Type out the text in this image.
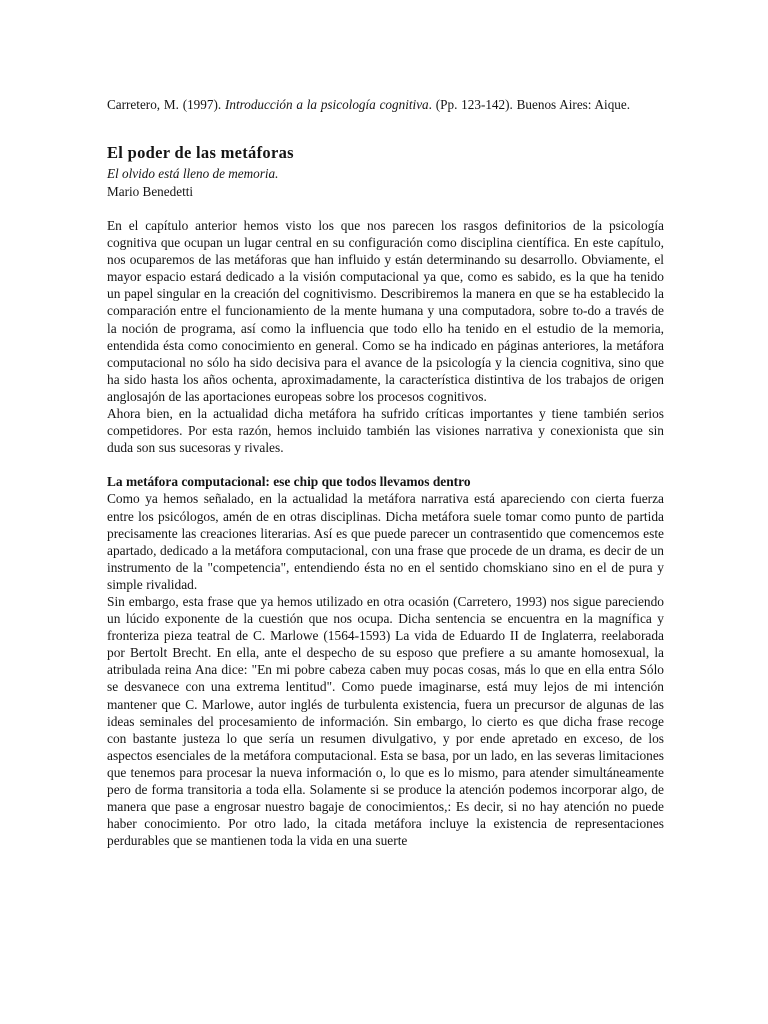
Carretero, M. (1997). Introducción a la psicología cognitiva. (Pp. 123-142). Buenos Aires: Aique.

El poder de las metáforas

El olvido está lleno de memoria.

Mario Benedetti

En el capítulo anterior hemos visto los que nos parecen los rasgos definitorios de la psicología cognitiva que ocupan un lugar central en su configuración como disciplina científica. En este capítulo, nos ocuparemos de las metáforas que han influido y están determinando su desarrollo. Obviamente, el mayor espacio estará dedicado a la visión computacional ya que, como es sabido, es la que ha tenido un papel singular en la creación del cognitivismo. Describiremos la manera en que se ha establecido la comparación entre el funcionamiento de la mente humana y una computadora, sobre to-do a través de la noción de programa, así como la influencia que todo ello ha tenido en el estudio de la memoria, entendida ésta como conocimiento en general. Como se ha indicado en páginas anteriores, la metáfora computacional no sólo ha sido decisiva para el avance de la psicología y la ciencia cognitiva, sino que ha sido hasta los años ochenta, aproximadamente, la característica distintiva de los trabajos de origen anglosajón de las aportaciones europeas sobre los procesos cognitivos.

Ahora bien, en la actualidad dicha metáfora ha sufrido críticas importantes y tiene también serios competidores. Por esta razón, hemos incluido también las visiones narrativa y conexionista que sin duda son sus sucesoras y rivales.

La metáfora computacional: ese chip que todos llevamos dentro

Como ya hemos señalado, en la actualidad la metáfora narrativa está apareciendo con cierta fuerza entre los psicólogos, amén de en otras disciplinas. Dicha metáfora suele tomar como punto de partida precisamente las creaciones literarias. Así es que puede parecer un contrasentido que comencemos este apartado, dedicado a la metáfora computacional, con una frase que procede de un drama, es decir de un instrumento de la "competencia", entendiendo ésta no en el sentido chomskiano sino en el de pura y simple rivalidad.

Sin embargo, esta frase que ya hemos utilizado en otra ocasión (Carretero, 1993) nos sigue pareciendo un lúcido exponente de la cuestión que nos ocupa. Dicha sentencia se encuentra en la magnífica y fronteriza pieza teatral de C. Marlowe (1564-1593) La vida de Eduardo II de Inglaterra, reelaborada por Bertolt Brecht. En ella, ante el despecho de su esposo que prefiere a su amante homosexual, la atribulada reina Ana dice: "En mi pobre cabeza caben muy pocas cosas, más lo que en ella entra Sólo se desvanece con una extrema lentitud". Como puede imaginarse, está muy lejos de mi intención mantener que C. Marlowe, autor inglés de turbulenta existencia, fuera un precursor de algunas de las ideas seminales del procesamiento de información. Sin embargo, lo cierto es que dicha frase recoge con bastante justeza lo que sería un resumen divulgativo, y por ende apretado en exceso, de los aspectos esenciales de la metáfora computacional. Esta se basa, por un lado, en las severas limitaciones que tenemos para procesar la nueva información o, lo que es lo mismo, para atender simultáneamente pero de forma transitoria a toda ella. Solamente si se produce la atención podemos incorporar algo, de manera que pase a engrosar nuestro bagaje de conocimientos,: Es decir, si no hay atención no puede haber conocimiento. Por otro lado, la citada metáfora incluye la existencia de representaciones perdurables que se mantienen toda la vida en una suerte
